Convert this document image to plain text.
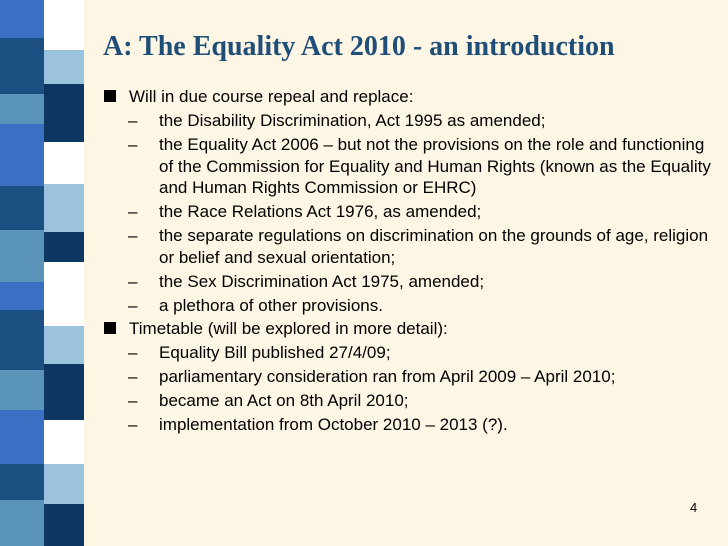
A: The Equality Act 2010 - an introduction
Will in due course repeal and replace:
– the Disability Discrimination, Act 1995 as amended;
– the Equality Act 2006 – but not the provisions on the role and functioning of the Commission for Equality and Human Rights (known as the Equality and Human Rights Commission or EHRC)
– the Race Relations Act 1976, as amended;
– the separate regulations on discrimination on the grounds of age, religion or belief and sexual orientation;
– the Sex Discrimination Act 1975, amended;
– a plethora of other provisions.
Timetable (will be explored in more detail):
– Equality Bill published 27/4/09;
– parliamentary consideration ran from April 2009 – April 2010;
– became an Act on 8th April 2010;
– implementation from October 2010 – 2013 (?).
4
